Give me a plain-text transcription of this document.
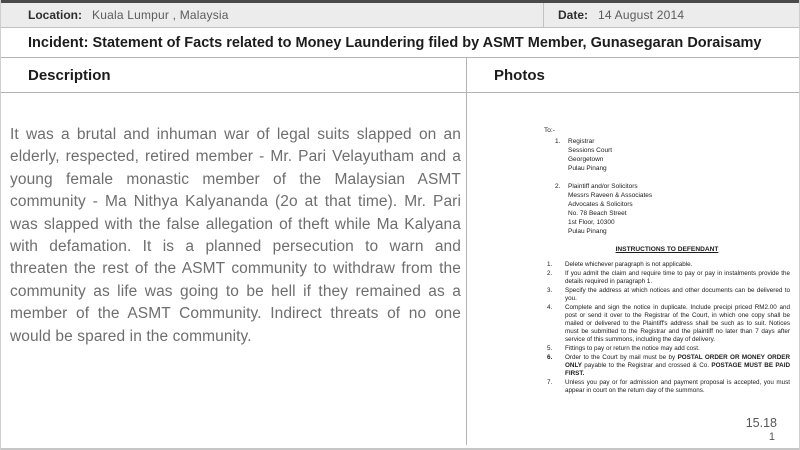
Location: Kuala Lumpur , Malaysia	Date: 14 August 2014
Incident: Statement of Facts related to Money Laundering filed by ASMT Member, Gunasegaran Doraisamy
Description	Photos

It was a brutal and inhuman war of legal suits slapped on an elderly, respected, retired member - Mr. Pari Velayutham and a young female monastic member of the Malaysian ASMT community - Ma Nithya Kalyananda (2o at that time). Mr. Pari was slapped with the false allegation of theft while Ma Kalyana with defamation. It is a planned persecution to warn and threaten the rest of the ASMT community to withdraw from the community as life was going to be hell if they remained as a member of the ASMT Community. Indirect threats of no one would be spared in the community.

To:-
1.	Registrar
Sessions Court
Georgetown
Pulau Pinang
2.	Plaintiff and/or Solicitors
Messrs Raveen & Associates
Advocates & Solicitors
No. 78 Beach Street
1st Floor, 10300
Pulau Pinang
INSTRUCTIONS TO DEFENDANT
1.	Delete whichever paragraph is not applicable.
2.	If you admit the claim and require time to pay or pay in instalments provide the details required in paragraph 1.
3.	Specify the address at which notices and other documents can be delivered to you.
4.	Complete and sign the notice in duplicate. Include precipi priced RM2.00 and post or send it over to the Registrar of the Court, in which one copy shall be mailed or delivered to the Plaintiff's address shall be such as to suit. Notices must be submitted to the Registrar and the plaintiff no later than 7 days after service of this summons, including the day of delivery.
5.	Fittings to pay or return the notice may add cost.
6.	Order to the Court by mail must be by POSTAL ORDER OR MONEY ORDER ONLY payable to the Registrar and crossed & Co. POSTAGE MUST BE PAID FIRST.
7.	Unless you pay or for admission and payment proposal is accepted, you must appear in court on the return day of the summons.
15.18
1
